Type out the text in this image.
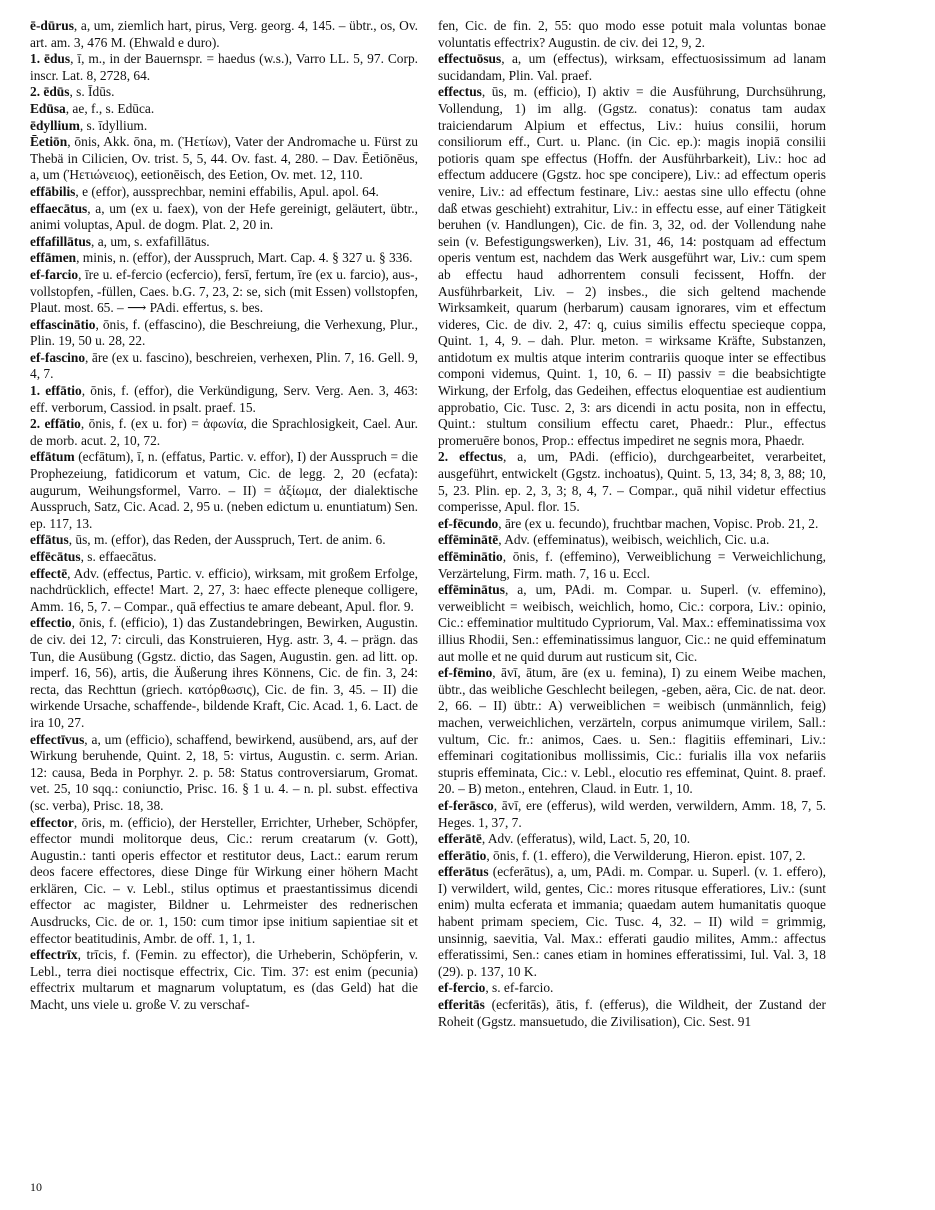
ē-dūrus, a, um, ziemlich hart, pirus, Verg. georg. 4, 145. – übtr., os, Ov. art. am. 3, 476 M. (Ehwald e duro).

1. ēdus, ī, m., in der Bauernspr. = haedus (w.s.), Varro LL. 5, 97. Corp. inscr. Lat. 8, 2728, 64.

2. ēdūs, s. Īdūs.

Edūsa, ae, f., s. Edūca.

ēdyllium, s. īdyllium.

Ēetiōn, ōnis, Akk. ōna, m. (Ἠετίων), Vater der Andromache u. Fürst zu Thebä in Cilicien, Ov. trist. 5, 5, 44. Ov. fast. 4, 280. – Dav. Ēetiōnēus, a, um (Ἠετιώνειος), eetionēisch, des Eetion, Ov. met. 12, 110.

effābilis, e (effor), aussprechbar, nemini effabilis, Apul. apol. 64.

effaecātus, a, um (ex u. faex), von der Hefe gereinigt, geläutert, übtr., animi voluptas, Apul. de dogm. Plat. 2, 20 in.

effafillātus, a, um, s. exfafillātus.

effāmen, minis, n. (effor), der Ausspruch, Mart. Cap. 4. § 327 u. § 336.

ef-farcio, īre u. ef-fercio (ecfercio), fersī, fertum, īre (ex u. farcio), aus-, vollstopfen, -füllen, Caes. b.G. 7, 23, 2: se, sich (mit Essen) vollstopfen, Plaut. most. 65. – ⟶ PAdi. effertus, s. bes.

effascinātio, ōnis, f. (effascino), die Beschreiung, die Verhexung, Plur., Plin. 19, 50 u. 28, 22.

ef-fascino, āre (ex u. fascino), beschreien, verhexen, Plin. 7, 16. Gell. 9, 4, 7.

1. effātio, ōnis, f. (effor), die Verkündigung, Serv. Verg. Aen. 3, 463: eff. verborum, Cassiod. in psalt. praef. 15.

2. effātio, ōnis, f. (ex u. for) = ἀφωνία, die Sprachlosigkeit, Cael. Aur. de morb. acut. 2, 10, 72.

effātum (ecfātum), ī, n. (effatus, Partic. v. effor), I) der Ausspruch = die Prophezeiung, fatidicorum et vatum, Cic. de legg. 2, 20 (ecfata): augurum, Weihungsformel, Varro. – II) = ἀξίωμα, der dialektische Ausspruch, Satz, Cic. Acad. 2, 95 u. (neben edictum u. enuntiatum) Sen. ep. 117, 13.

effātus, ūs, m. (effor), das Reden, der Ausspruch, Tert. de anim. 6.

effēcātus, s. effaecātus.

effectē, Adv. (effectus, Partic. v. efficio), wirksam, mit großem Erfolge, nachdrücklich, effecte! Mart. 2, 27, 3: haec effecte pleneque colligere, Amm. 16, 5, 7. – Compar., quā effectius te amare debeant, Apul. flor. 9.

effectio, ōnis, f. (efficio), 1) das Zustandebringen, Bewirken, Augustin. de civ. dei 12, 7: circuli, das Konstruieren, Hyg. astr. 3, 4. – prägn. das Tun, die Ausübung (Ggstz. dictio, das Sagen, Augustin. gen. ad litt. op. imperf. 16, 56), artis, die Äußerung ihres Könnens, Cic. de fin. 3, 24: recta, das Rechttun (griech. κατόρθωσις), Cic. de fin. 3, 45. – II) die wirkende Ursache, schaffende-, bildende Kraft, Cic. Acad. 1, 6. Lact. de ira 10, 27.

effectīvus, a, um (efficio), schaffend, bewirkend, ausübend, ars, auf der Wirkung beruhende, Quint. 2, 18, 5: virtus, Augustin. c. serm. Arian. 12: causa, Beda in Porphyr. 2. p. 58: Status controversiarum, Gromat. vet. 25, 10 sqq.: coniunctio, Prisc. 16. § 1 u. 4. – n. pl. subst. effectiva (sc. verba), Prisc. 18, 38.

effector, ōris, m. (efficio), der Hersteller, Errichter, Urheber, Schöpfer, effector mundi molitorque deus, Cic.: rerum creatarum (v. Gott), Augustin.: tanti operis effector et restitutor deus, Lact.: earum rerum deos facere effectores, diese Dinge für Wirkung einer höhern Macht erklären, Cic. – v. Lebl., stilus optimus et praestantissimus dicendi effector ac magister, Bildner u. Lehrmeister des rednerischen Ausdrucks, Cic. de or. 1, 150: cum timor ipse initium sapientiae sit et effector beatitudinis, Ambr. de off. 1, 1, 1.

effectrīx, trīcis, f. (Femin. zu effector), die Urheberin, Schöpferin, v. Lebl., terra diei noctisque effectrix, Cic. Tim. 37: est enim (pecunia) effectrix multarum et magnarum voluptatum, es (das Geld) hat die Macht, uns viele u. große V. zu verschaf-

fen, Cic. de fin. 2, 55: quo modo esse potuit mala voluntas bonae voluntatis effectrix? Augustin. de civ. dei 12, 9, 2.

effectuōsus, a, um (effectus), wirksam, effectuosissimum ad lanam sucidandam, Plin. Val. praef.

effectus, ūs, m. (efficio), I) aktiv = die Ausführung, Durchsührung, Vollendung, 1) im allg. (Ggstz. conatus): conatus tam audax traiciendarum Alpium et effectus, Liv.: huius consilii, horum consiliorum eff., Curt. u. Planc. (in Cic. ep.): magis inopiā consilii potioris quam spe effectus (Hoffn. der Ausführbarkeit), Liv.: hoc ad effectum adducere (Ggstz. hoc spe concipere), Liv.: ad effectum operis venire, Liv.: ad effectum festinare, Liv.: aestas sine ullo effectu (ohne daß etwas geschieht) extrahitur, Liv.: in effectu esse, auf einer Tätigkeit beruhen (v. Handlungen), Cic. de fin. 3, 32, od. der Vollendung nahe sein (v. Befestigungswerken), Liv. 31, 46, 14: postquam ad effectum operis ventum est, nachdem das Werk ausgeführt war, Liv.: cum spem ab effectu haud adhorrentem consuli fecissent, Hoffn. der Ausführbarkeit, Liv. – 2) insbes., die sich geltend machende Wirksamkeit, quarum (herbarum) causam ignorares, vim et effectum videres, Cic. de div. 2, 47: q, cuius similis effectu specieque coppa, Quint. 1, 4, 9. – dah. Plur. meton. = wirksame Kräfte, Substanzen, antidotum ex multis atque interim contrariis quoque inter se effectibus componi videmus, Quint. 1, 10, 6. – II) passiv = die beabsichtigte Wirkung, der Erfolg, das Gedeihen, effectus eloquentiae est audientium approbatio, Cic. Tusc. 2, 3: ars dicendi in actu posita, non in effectu, Quint.: stultum consilium effectu caret, Phaedr.: Plur., effectus promeruēre bonos, Prop.: effectus impediret ne segnis mora, Phaedr.

2. effectus, a, um, PAdi. (efficio), durchgearbeitet, verarbeitet, ausgeführt, entwickelt (Ggstz. inchoatus), Quint. 5, 13, 34; 8, 3, 88; 10, 5, 23. Plin. ep. 2, 3, 3; 8, 4, 7. – Compar., quā nihil videtur effectius comperisse, Apul. flor. 15.

ef-fēcundo, āre (ex u. fecundo), fruchtbar machen, Vopisc. Prob. 21, 2.

effēminātē, Adv. (effeminatus), weibisch, weichlich, Cic. u.a.

effēminātio, ōnis, f. (effemino), Verweiblichung = Verweichlichung, Verzärtelung, Firm. math. 7, 16 u. Eccl.

effēminātus, a, um, PAdi. m. Compar. u. Superl. (v. effemino), verweiblicht = weibisch, weichlich, homo, Cic.: corpora, Liv.: opinio, Cic.: effeminatior multitudo Cypriorum, Val. Max.: effeminatissima vox illius Rhodii, Sen.: effeminatissimus languor, Cic.: ne quid effeminatum aut molle et ne quid durum aut rusticum sit, Cic.

ef-fēmino, āvī, ātum, āre (ex u. femina), I) zu einem Weibe machen, übtr., das weibliche Geschlecht beilegen, -geben, aëra, Cic. de nat. deor. 2, 66. – II) übtr.: A) verweiblichen = weibisch (unmännlich, feig) machen, verweichlichen, verzärteln, corpus animumque virilem, Sall.: vultum, Cic. fr.: animos, Caes. u. Sen.: flagitiis effeminari, Liv.: effeminari cogitationibus mollissimis, Cic.: furialis illa vox nefariis stupris effeminata, Cic.: v. Lebl., elocutio res effeminat, Quint. 8. praef. 20. – B) meton., entehren, Claud. in Eutr. 1, 10.

ef-ferāsco, āvī, ere (efferus), wild werden, verwildern, Amm. 18, 7, 5. Heges. 1, 37, 7.

efferātē, Adv. (efferatus), wild, Lact. 5, 20, 10.

efferātio, ōnis, f. (1. effero), die Verwilderung, Hieron. epist. 107, 2.

efferātus (ecferātus), a, um, PAdi. m. Compar. u. Superl. (v. 1. effero), I) verwildert, wild, gentes, Cic.: mores ritusque efferatiores, Liv.: (sunt enim) multa ecferata et immania; quaedam autem humanitatis quoque habent primam speciem, Cic. Tusc. 4, 32. – II) wild = grimmig, unsinnig, saevitia, Val. Max.: efferati gaudio milites, Amm.: affectus efferatissimi, Sen.: canes etiam in homines efferatissimi, Iul. Val. 3, 18 (29). p. 137, 10 K.

ef-fercio, s. ef-farcio.

efferitās (ecferitās), ātis, f. (efferus), die Wildheit, der Zustand der Roheit (Ggstz. mansuetudo, die Zivilisation), Cic. Sest. 91

10
